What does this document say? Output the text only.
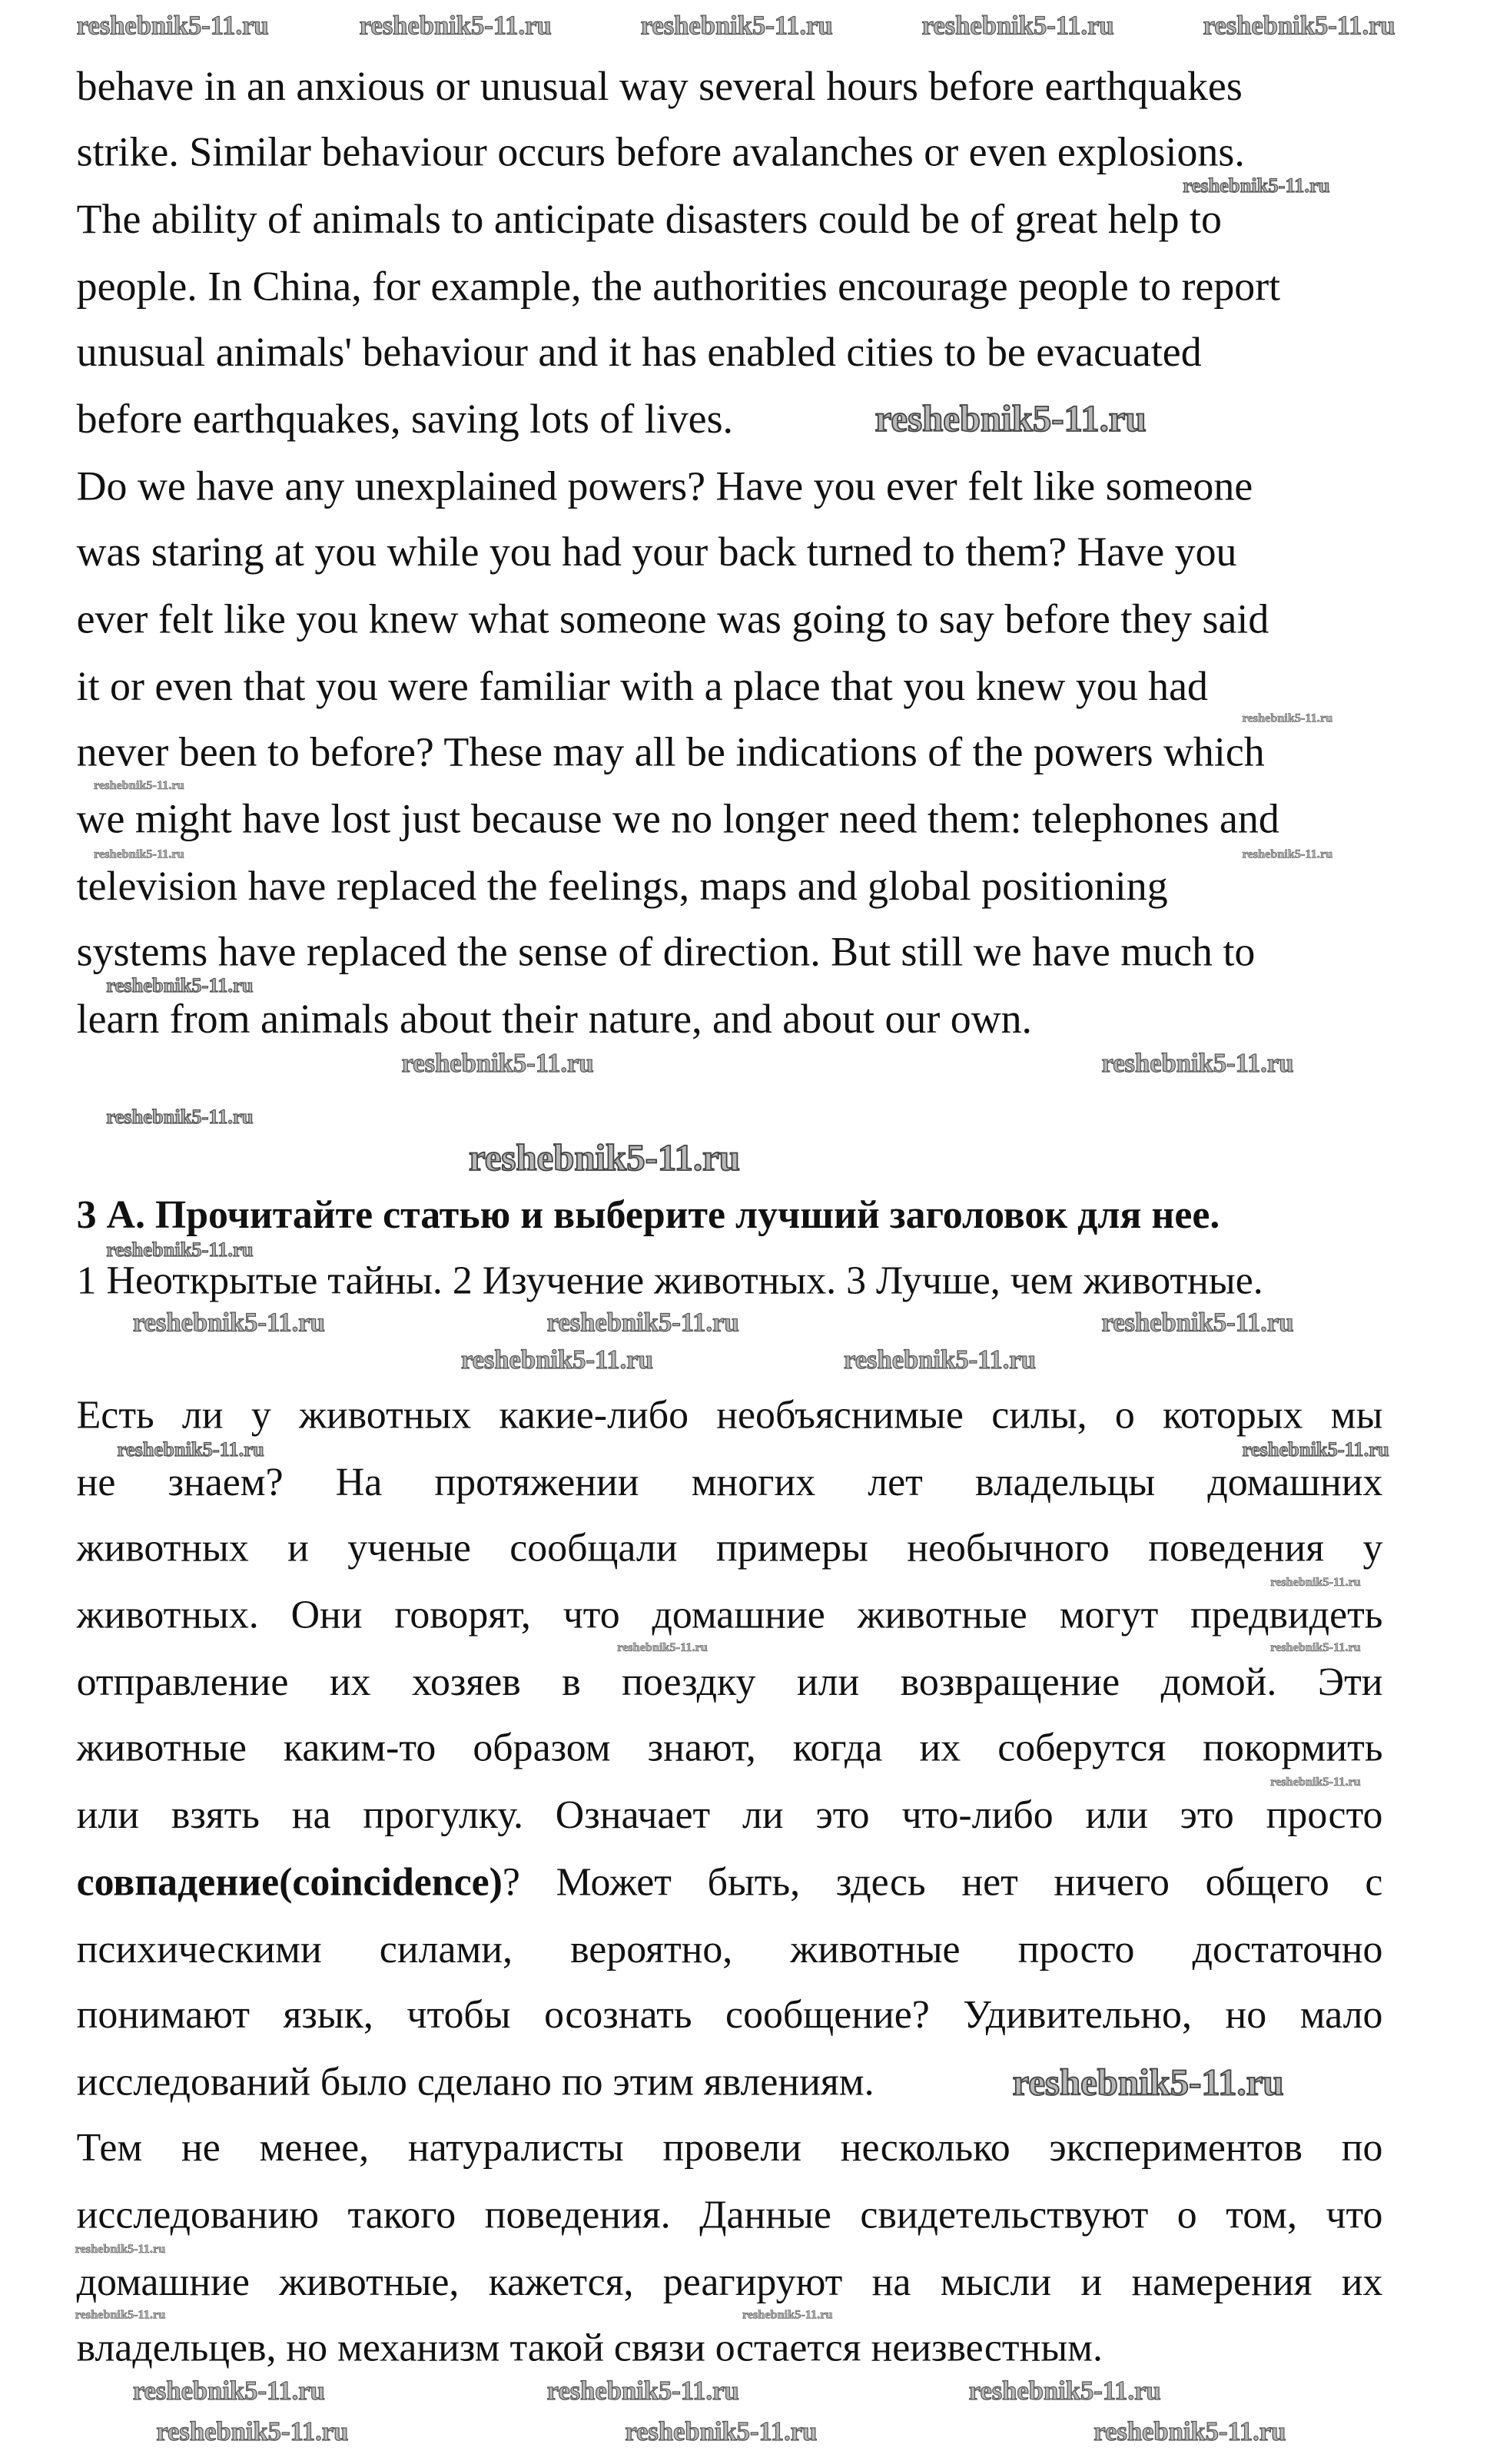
behave in an anxious or unusual way several hours before earthquakes
strike. Similar behaviour occurs before avalanches or even explosions.
The ability of animals to anticipate disasters could be of great help to
people. In China, for example, the authorities encourage people to report
unusual animals' behaviour and it has enabled cities to be evacuated
before earthquakes, saving lots of lives.
Do we have any unexplained powers? Have you ever felt like someone
was staring at you while you had your back turned to them? Have you
ever felt like you knew what someone was going to say before they said
it or even that you were familiar with a place that you knew you had
never been to before? These may all be indications of the powers which
we might have lost just because we no longer need them: telephones and
television have replaced the feelings, maps and global positioning
systems have replaced the sense of direction. But still we have much to
learn from animals about their nature, and about our own.
3 А. Прочитайте статью и выберите лучший заголовок для нее.
1 Неоткрытые тайны. 2 Изучение животных. 3 Лучше, чем животные.
Есть ли у животных какие-либо необъяснимые силы, о которых мы
не знаем? На протяжении многих лет владельцы домашних
животных и ученые сообщали примеры необычного поведения у
животных. Они говорят, что домашние животные могут предвидеть
отправление их хозяев в поездку или возвращение домой. Эти
животные каким-то образом знают, когда их соберутся покормить
или взять на прогулку. Означает ли это что-либо или это просто
совпадение(coincidence)? Может быть, здесь нет ничего общего с
психическими силами, вероятно, животные просто достаточно
понимают язык, чтобы осознать сообщение? Удивительно, но мало
исследований было сделано по этим явлениям.
Тем не менее, натуралисты провели несколько экспериментов по
исследованию такого поведения. Данные свидетельствуют о том, что
домашние животные, кажется, реагируют на мысли и намерения их
владельцев, но механизм такой связи остается неизвестным.
reshebnik5-11.ru	reshebnik5-11.ru	reshebnik5-11.ru	reshebnik5-11.ru	reshebnik5-11.ru
reshebnik5-11.ru
reshebnik5-11.ru
reshebnik5-11.ru
reshebnik5-11.ru
reshebnik5-11.ru	reshebnik5-11.ru
reshebnik5-11.ru
reshebnik5-11.ru	reshebnik5-11.ru
reshebnik5-11.ru
reshebnik5-11.ru
reshebnik5-11.ru
reshebnik5-11.ru	reshebnik5-11.ru	reshebnik5-11.ru
reshebnik5-11.ru	reshebnik5-11.ru
reshebnik5-11.ru	reshebnik5-11.ru
reshebnik5-11.ru
reshebnik5-11.ru	reshebnik5-11.ru
reshebnik5-11.ru
reshebnik5-11.ru
reshebnik5-11.ru
reshebnik5-11.ru	reshebnik5-11.ru
reshebnik5-11.ru	reshebnik5-11.ru	reshebnik5-11.ru
reshebnik5-11.ru	reshebnik5-11.ru	reshebnik5-11.ru
